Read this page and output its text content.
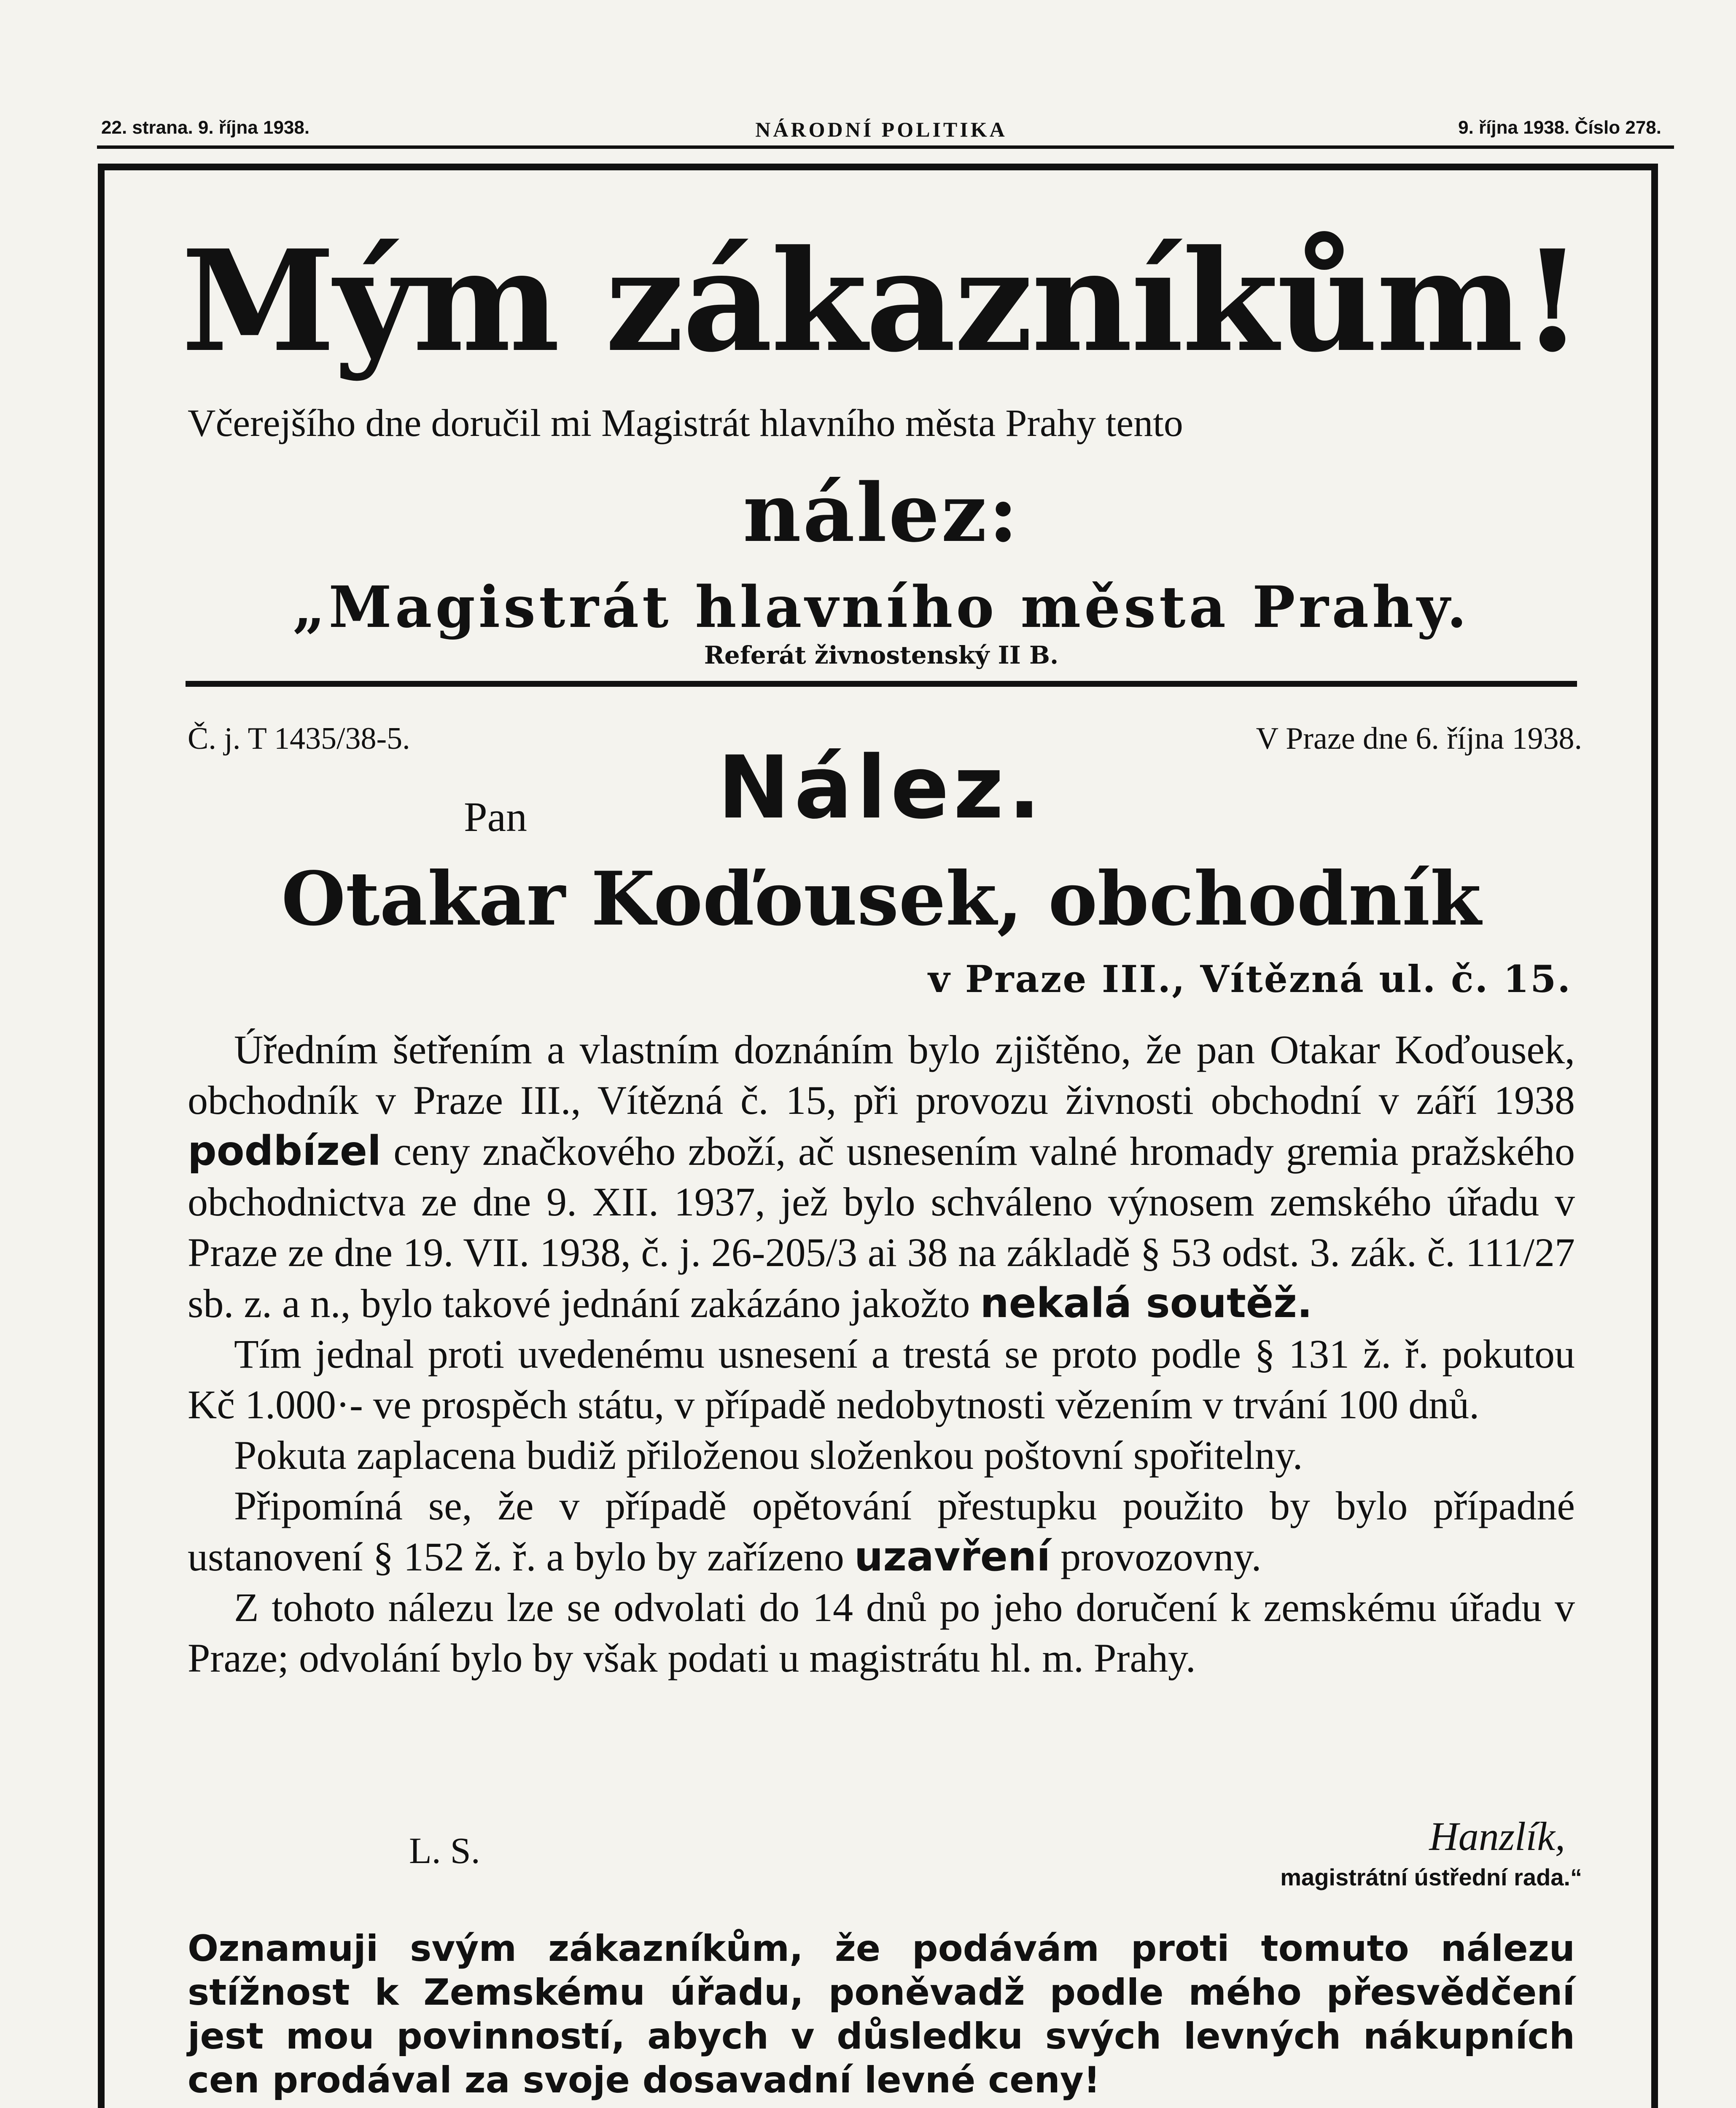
22. strana. 9. října 1938.	NÁRODNÍ POLITIKA	9. října 1938. Číslo 278.
Mým zákazníkům!
Včerejšího dne doručil mi Magistrát hlavního města Prahy tento
nález:
„Magistrát hlavního města Prahy.
Referát živnostenský II B.
Č. j. T 1435/38-5.	V Praze dne 6. října 1938.
Nález.
Pan
Otakar Koďousek, obchodník
v Praze III., Vítězná ul. č. 15.

Úředním šetřením a vlastním doznáním bylo zjištěno, že pan Otakar Koďousek, obchodník v Praze III., Vítězná č. 15, při provozu živnosti obchodní v září 1938 podbízel ceny značkového zboží, ač usnesením valné hromady gremia pražského obchodnictva ze dne 9. XII. 1937, jež bylo schváleno výnosem zemského úřadu v Praze ze dne 19. VII. 1938, č. j. 26-205/3 ai 38 na základě § 53 odst. 3. zák. č. 111/27 sb. z. a n., bylo takové jednání zakázáno jakožto nekalá soutěž.

Tím jednal proti uvedenému usnesení a trestá se proto podle § 131 ž. ř. pokutou Kč 1.000·- ve prospěch státu, v případě nedobytnosti vězením v trvání 100 dnů.

Pokuta zaplacena budiž přiloženou složenkou poštovní spořitelny.

Připomíná se, že v případě opětování přestupku použito by bylo případné ustanovení § 152 ž. ř. a bylo by zařízeno uzavření provozovny.

Z tohoto nálezu lze se odvolati do 14 dnů po jeho doručení k zemskému úřadu v Praze; odvolání bylo by však podati u magistrátu hl. m. Prahy.

L. S.	Hanzlík,
magistrátní ústřední rada.“
Oznamuji svým zákazníkům, že podávám proti tomuto nálezu stížnost k Zemskému úřadu, poněvadž podle mého přesvědčení jest mou povinností, abych v důsledku svých levných nákupních cen prodával za svoje dosavadní levné ceny!
